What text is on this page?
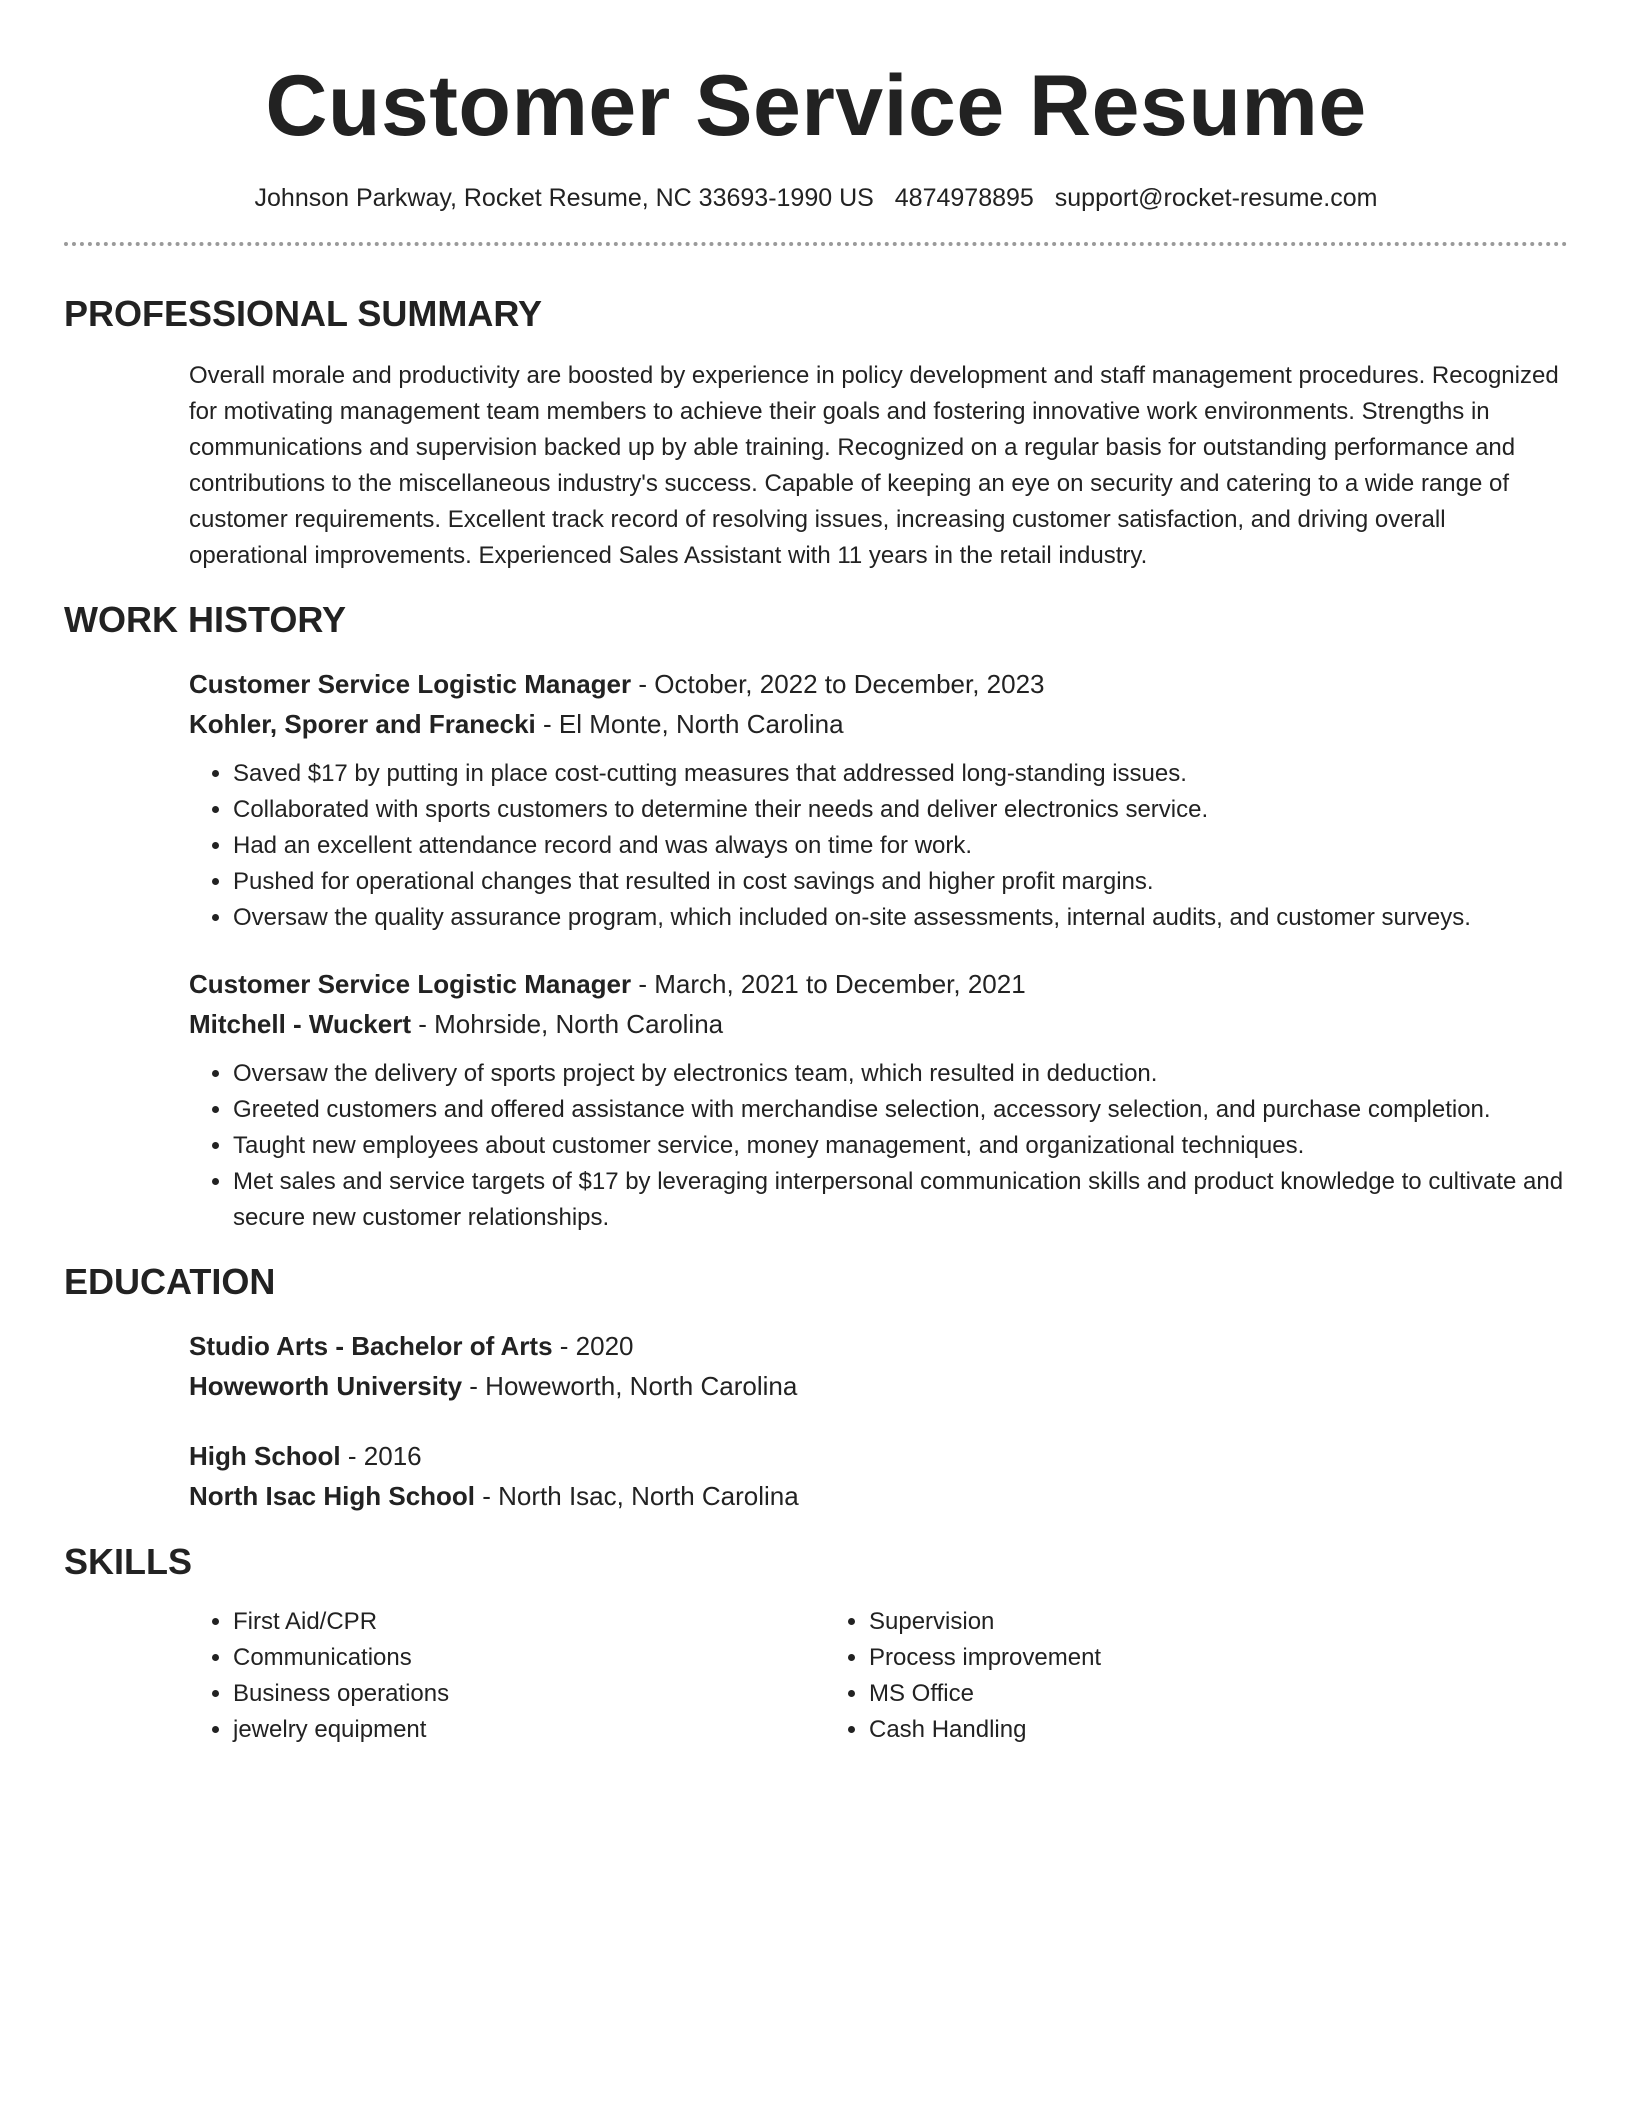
Customer Service Resume
Johnson Parkway, Rocket Resume, NC 33693-1990 US 4874978895 support@rocket-resume.com
PROFESSIONAL SUMMARY

Overall morale and productivity are boosted by experience in policy development and staff management procedures. Recognized for motivating management team members to achieve their goals and fostering innovative work environments. Strengths in communications and supervision backed up by able training. Recognized on a regular basis for outstanding performance and contributions to the miscellaneous industry's success. Capable of keeping an eye on security and catering to a wide range of customer requirements. Excellent track record of resolving issues, increasing customer satisfaction, and driving overall operational improvements. Experienced Sales Assistant with 11 years in the retail industry.

WORK HISTORY
Customer Service Logistic Manager - October, 2022 to December, 2023
Kohler, Sporer and Franecki - El Monte, North Carolina
• Saved $17 by putting in place cost-cutting measures that addressed long-standing issues.
• Collaborated with sports customers to determine their needs and deliver electronics service.
• Had an excellent attendance record and was always on time for work.
• Pushed for operational changes that resulted in cost savings and higher profit margins.
• Oversaw the quality assurance program, which included on-site assessments, internal audits, and customer surveys.
Customer Service Logistic Manager - March, 2021 to December, 2021
Mitchell - Wuckert - Mohrside, North Carolina
• Oversaw the delivery of sports project by electronics team, which resulted in deduction.
• Greeted customers and offered assistance with merchandise selection, accessory selection, and purchase completion.
• Taught new employees about customer service, money management, and organizational techniques.
• Met sales and service targets of $17 by leveraging interpersonal communication skills and product knowledge to cultivate and secure new customer relationships.
EDUCATION
Studio Arts - Bachelor of Arts - 2020
Howeworth University - Howeworth, North Carolina
High School - 2016
North Isac High School - North Isac, North Carolina
SKILLS
• First Aid/CPR
• Communications
• Business operations
• jewelry equipment
• Supervision
• Process improvement
• MS Office
• Cash Handling
